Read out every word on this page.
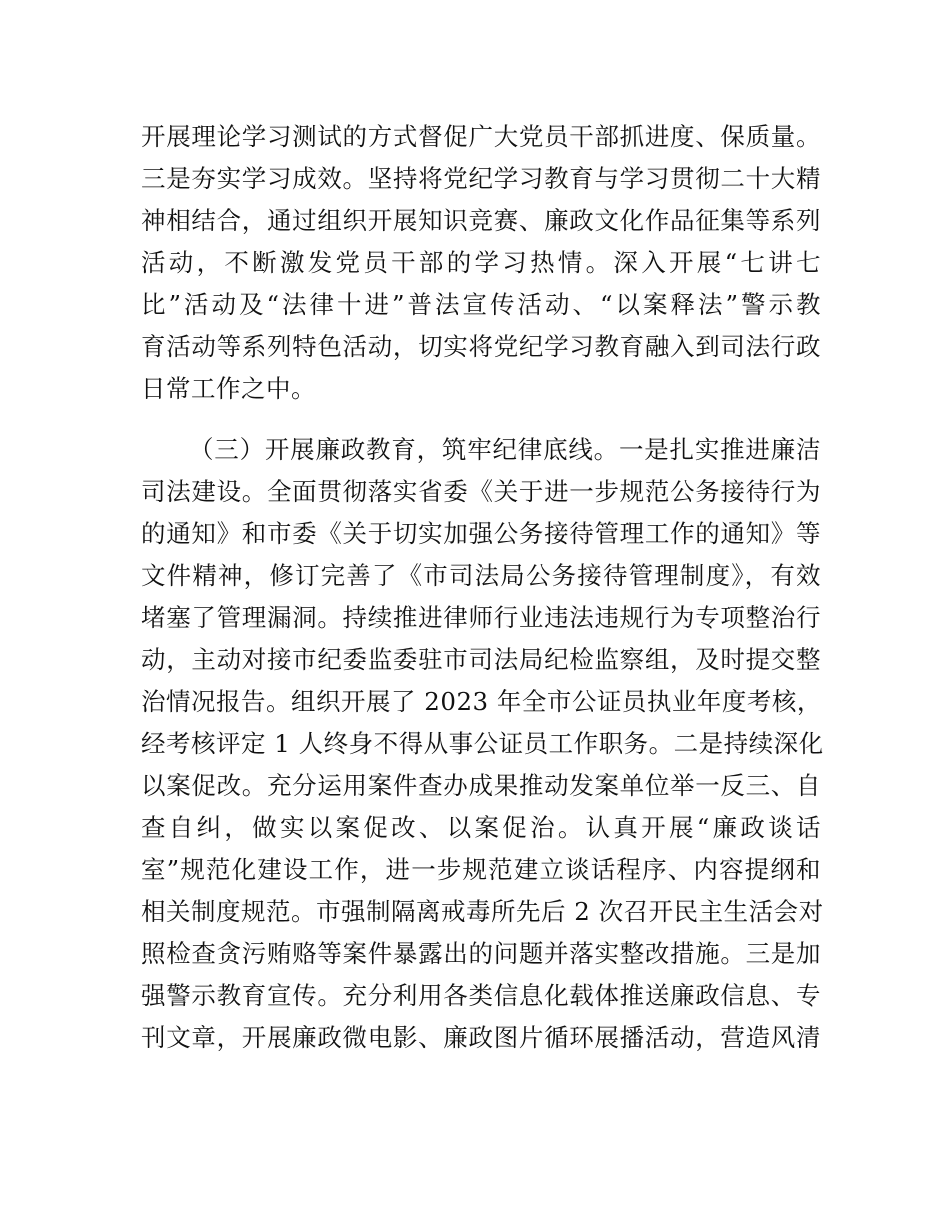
开展理论学习测试的方式督促广大党员干部抓进度、保质量。
三是夯实学习成效。坚持将党纪学习教育与学习贯彻二十大精
神相结合，通过组织开展知识竞赛、廉政文化作品征集等系列
活动，不断激发党员干部的学习热情。深入开展“七讲七
比”活动及“法律十进”普法宣传活动、“以案释法”警示教
育活动等系列特色活动，切实将党纪学习教育融入到司法行政
日常工作之中。
（三）开展廉政教育，筑牢纪律底线。一是扎实推进廉洁
司法建设。全面贯彻落实省委《关于进一步规范公务接待行为
的通知》和市委《关于切实加强公务接待管理工作的通知》等
文件精神，修订完善了《市司法局公务接待管理制度》，有效
堵塞了管理漏洞。持续推进律师行业违法违规行为专项整治行
动，主动对接市纪委监委驻市司法局纪检监察组，及时提交整
治情况报告。组织开展了 2023 年全市公证员执业年度考核，
经考核评定 1 人终身不得从事公证员工作职务。二是持续深化
以案促改。充分运用案件查办成果推动发案单位举一反三、自
查自纠，做实以案促改、以案促治。认真开展“廉政谈话
室”规范化建设工作，进一步规范建立谈话程序、内容提纲和
相关制度规范。市强制隔离戒毒所先后 2 次召开民主生活会对
照检查贪污贿赂等案件暴露出的问题并落实整改措施。三是加
强警示教育宣传。充分利用各类信息化载体推送廉政信息、专
刊文章，开展廉政微电影、廉政图片循环展播活动，营造风清
